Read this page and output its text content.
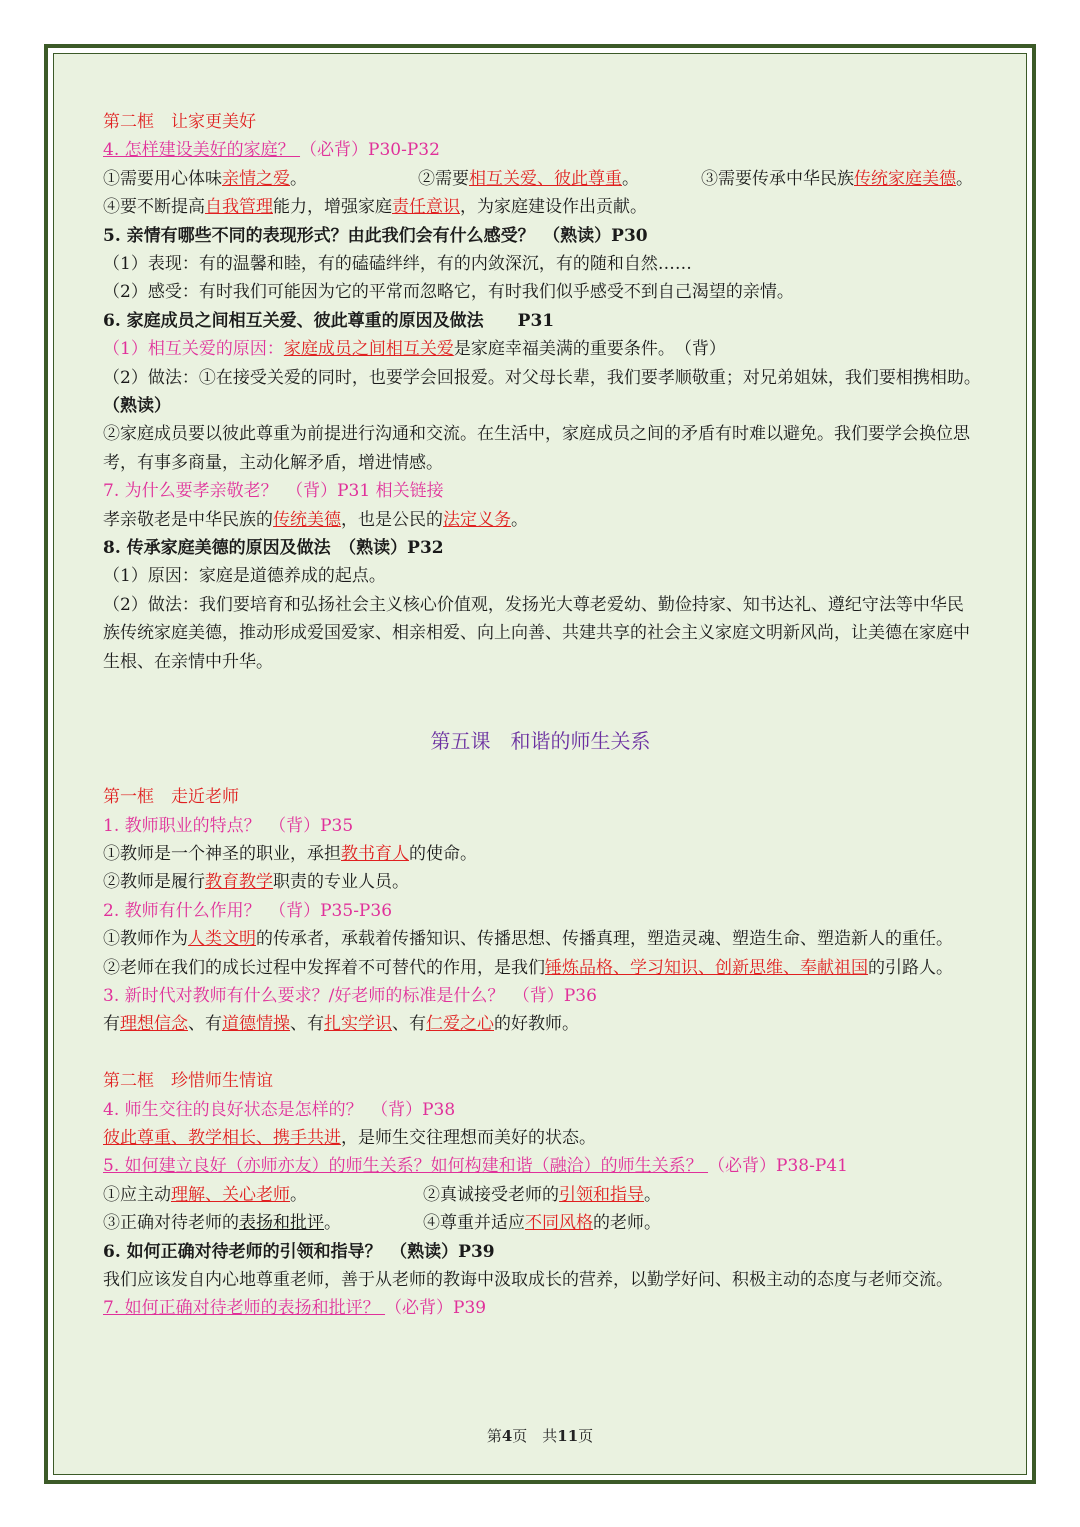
第二框　让家更美好
4. 怎样建设美好的家庭？ （必背）P30-P32
①需要用心体味亲情之爱。	②需要相互关爱、彼此尊重。	③需要传承中华民族传统家庭美德。
④要不断提高自我管理能力，增强家庭责任意识，为家庭建设作出贡献。
5. 亲情有哪些不同的表现形式？由此我们会有什么感受？　（熟读）P30
（1）表现：有的温馨和睦，有的磕磕绊绊，有的内敛深沉，有的随和自然……
（2）感受：有时我们可能因为它的平常而忽略它，有时我们似乎感受不到自己渴望的亲情。
6. 家庭成员之间相互关爱、彼此尊重的原因及做法　　P31
（1）相互关爱的原因：家庭成员之间相互关爱是家庭幸福美满的重要条件。　（背）
（2）做法：①在接受关爱的同时，也要学会回报爱。对父母长辈，我们要孝顺敬重；对兄弟姐妹，我们要相携相助。　（熟读）
②家庭成员要以彼此尊重为前提进行沟通和交流。在生活中，家庭成员之间的矛盾有时难以避免。我们要学会换位思考，有事多商量，主动化解矛盾，增进情感。
7. 为什么要孝亲敬老？　（背）P31 相关链接
孝亲敬老是中华民族的传统美德，也是公民的法定义务。
8. 传承家庭美德的原因及做法　（熟读）P32
（1）原因：家庭是道德养成的起点。
（2）做法：我们要培育和弘扬社会主义核心价值观，发扬光大尊老爱幼、勤俭持家、知书达礼、遵纪守法等中华民族传统家庭美德，推动形成爱国爱家、相亲相爱、向上向善、共建共享的社会主义家庭文明新风尚，让美德在家庭中生根、在亲情中升华。
第五课　和谐的师生关系
第一框　走近老师
1. 教师职业的特点？　（背）P35
①教师是一个神圣的职业，承担教书育人的使命。
②教师是履行教育教学职责的专业人员。
2. 教师有什么作用？　（背）P35-P36
①教师作为人类文明的传承者，承载着传播知识、传播思想、传播真理，塑造灵魂、塑造生命、塑造新人的重任。
②老师在我们的成长过程中发挥着不可替代的作用，是我们锤炼品格、学习知识、创新思维、奉献祖国的引路人。
3. 新时代对教师有什么要求？/好老师的标准是什么？　（背）P36
有理想信念、有道德情操、有扎实学识、有仁爱之心的好教师。
第二框　珍惜师生情谊
4. 师生交往的良好状态是怎样的？　（背）P38
彼此尊重、教学相长、携手共进，是师生交往理想而美好的状态。
5. 如何建立良好（亦师亦友）的师生关系？如何构建和谐（融洽）的师生关系？ （必背）P38-P41
①应主动理解、关心老师。	②真诚接受老师的引领和指导。
③正确对待老师的表扬和批评。	④尊重并适应不同风格的老师。
6. 如何正确对待老师的引领和指导？　（熟读）P39
我们应该发自内心地尊重老师，善于从老师的教诲中汲取成长的营养，以勤学好问、积极主动的态度与老师交流。
7. 如何正确对待老师的表扬和批评？ （必背）P39
第4页　共11页
